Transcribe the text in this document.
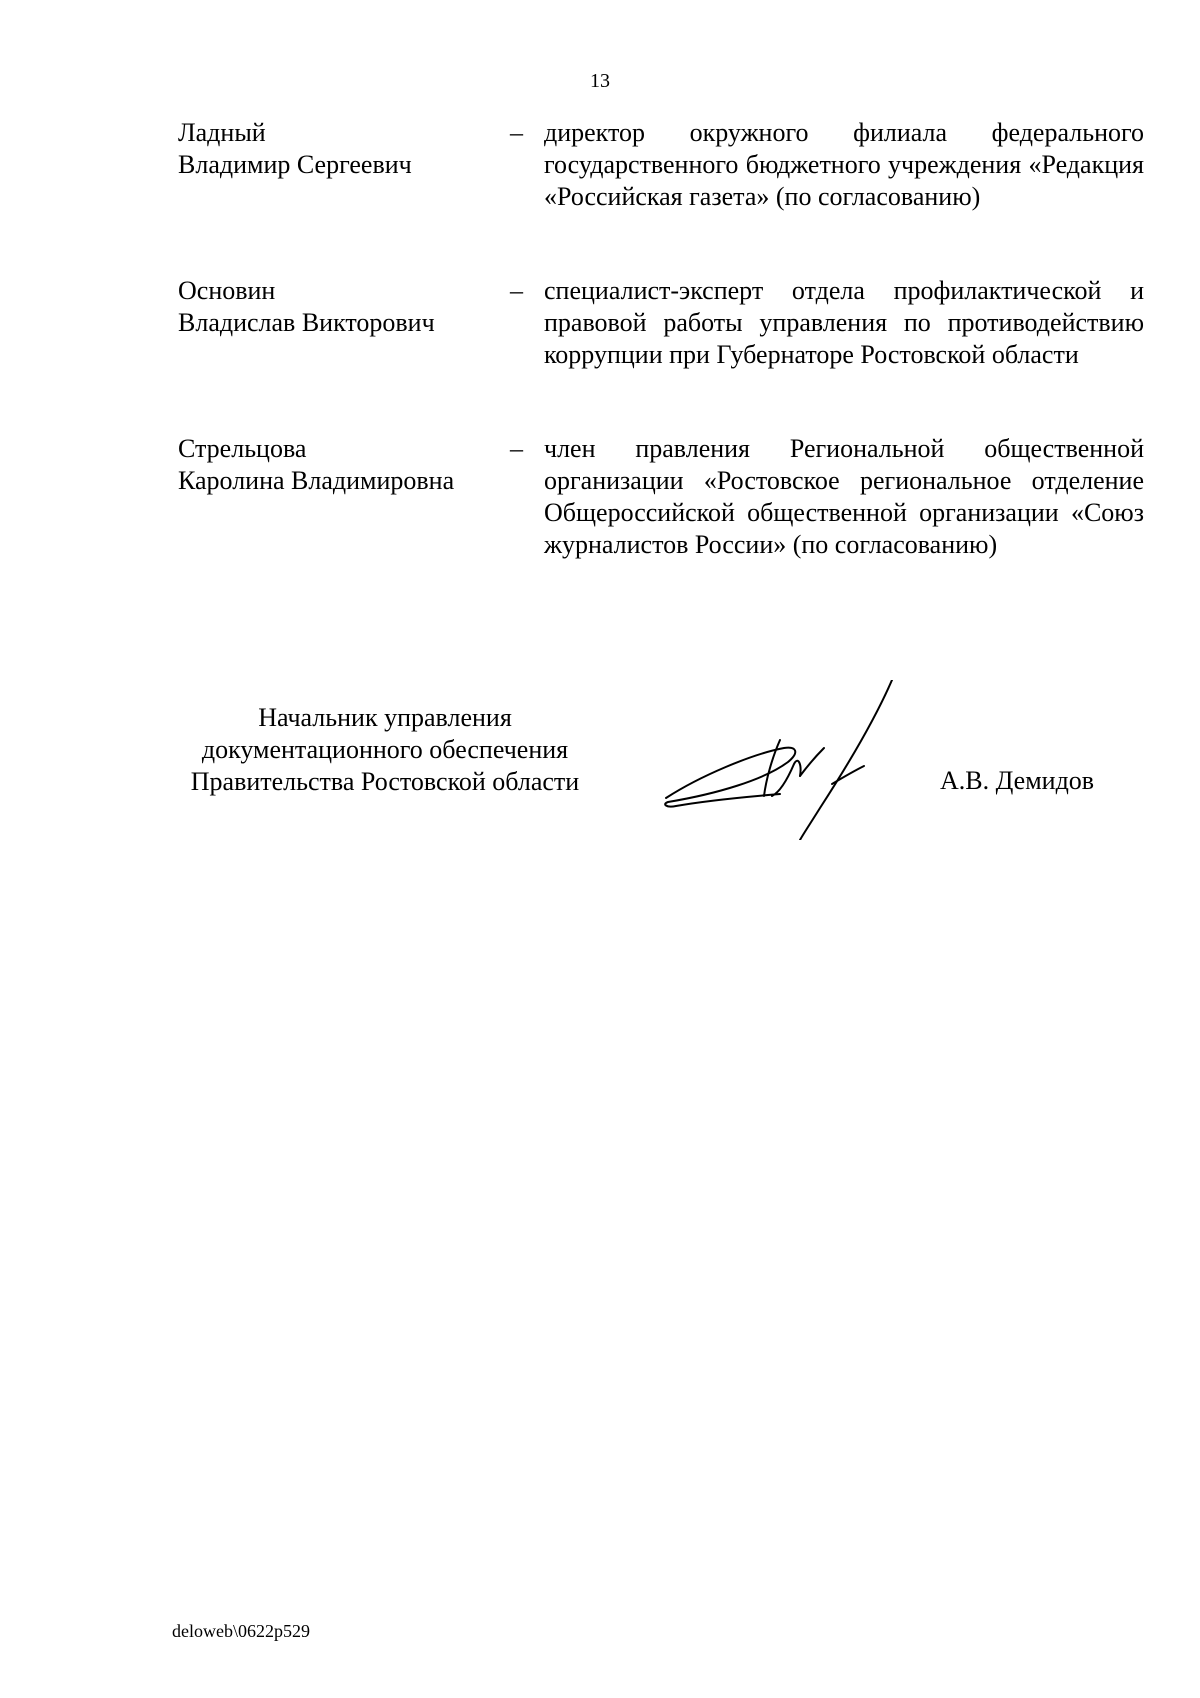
13
Ладный
Владимир Сергеевич
– директор окружного филиала федерального государственного бюджетного учреждения «Редакция «Российская газета» (по согласованию)
Основин
Владислав Викторович
– специалист-эксперт отдела профилактической и правовой работы управления по противодействию коррупции при Губернаторе Ростовской области
Стрельцова
Каролина Владимировна
– член правления Региональной общественной организации «Ростовское региональное отделение Общероссийской общественной организации «Союз журналистов России» (по согласованию)
Начальник управления
документационного обеспечения
Правительства Ростовской области	А.В. Демидов
deloweb\0622p529
